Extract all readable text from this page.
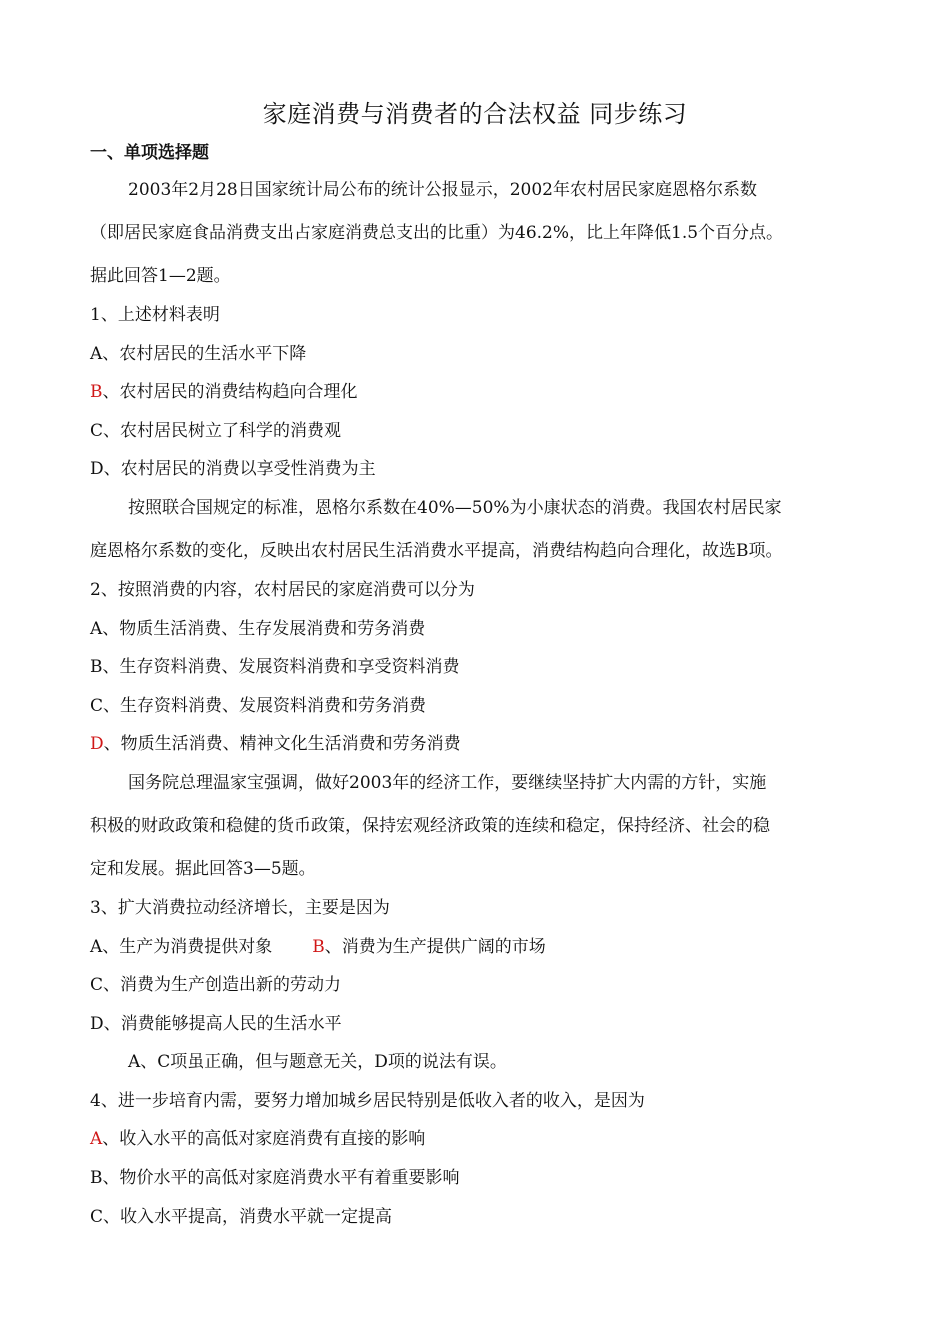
家庭消费与消费者的合法权益 同步练习
一、单项选择题
2003年2月28日国家统计局公布的统计公报显示，2002年农村居民家庭恩格尔系数
（即居民家庭食品消费支出占家庭消费总支出的比重）为46.2%，比上年降低1.5个百分点。
据此回答1—2题。
1、上述材料表明
A、农村居民的生活水平下降
B、农村居民的消费结构趋向合理化
C、农村居民树立了科学的消费观
D、农村居民的消费以享受性消费为主
按照联合国规定的标准，恩格尔系数在40%—50%为小康状态的消费。我国农村居民家
庭恩格尔系数的变化，反映出农村居民生活消费水平提高，消费结构趋向合理化，故选B项。
2、按照消费的内容，农村居民的家庭消费可以分为
A、物质生活消费、生存发展消费和劳务消费
B、生存资料消费、发展资料消费和享受资料消费
C、生存资料消费、发展资料消费和劳务消费
D、物质生活消费、精神文化生活消费和劳务消费
国务院总理温家宝强调，做好2003年的经济工作，要继续坚持扩大内需的方针，实施
积极的财政政策和稳健的货币政策，保持宏观经济政策的连续和稳定，保持经济、社会的稳
定和发展。据此回答3—5题。
3、扩大消费拉动经济增长，主要是因为
A、生产为消费提供对象 B、消费为生产提供广阔的市场
C、消费为生产创造出新的劳动力
D、消费能够提高人民的生活水平
A、C项虽正确，但与题意无关，D项的说法有误。
4、进一步培育内需，要努力增加城乡居民特别是低收入者的收入，是因为
A、收入水平的高低对家庭消费有直接的影响
B、物价水平的高低对家庭消费水平有着重要影响
C、收入水平提高，消费水平就一定提高
